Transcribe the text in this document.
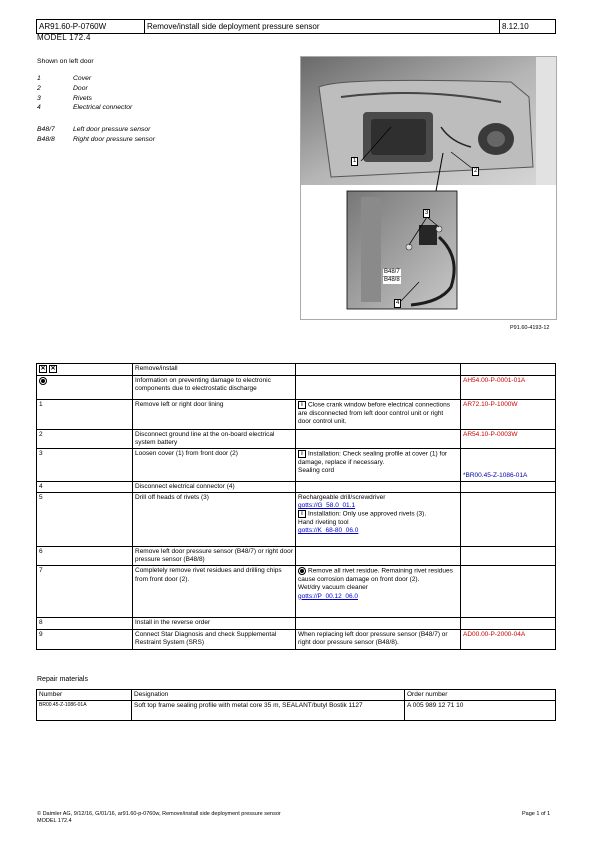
AR91.60-P-0760W	Remove/install side deployment pressure sensor	8.12.10
MODEL 172.4
Shown on left door
1	Cover
2	Door
3	Rivets
4	Electrical connector
B48/7	Left door pressure sensor
B48/8	Right door pressure sensor
1
2
3
4
B48/7
B48/8
P91.60-4193-12
✕ ✕	Remove/install		
	Information on preventing damage to electronic components due to electrostatic discharge		AH54.00-P-0001-01A
1	Remove left or right door lining	i Close crank window before electrical connections are disconnected from left door control unit or right door control unit.	AR72.10-P-1000W
2	Disconnect ground line at the on-board electrical system battery		AR54.10-P-0003W
3	Loosen cover (1) from front door (2)	i Installation: Check sealing profile at cover (1) for damage, replace if necessary.
Sealing cord	*BR00.45-Z-1086-01A
4	Disconnect electrical connector (4)		
5	Drill off heads of rivets (3)	Rechargeable drill/screwdriver
gotts://G_58.0_01.1
i Installation: Only use approved rivets (3).
Hand riveting tool
gotts://K_68-80_06.0	
6	Remove left door pressure sensor (B48/7) or right door pressure sensor (B48/8)		
7	Completely remove rivet residues and drilling chips from front door (2).	Remove all rivet residue. Remaining rivet residues cause corrosion damage on front door (2).
Wet/dry vacuum cleaner
gotts://P_00.12_06.0	
8	Install in the reverse order		
9	Connect Star Diagnosis and check Supplemental Restraint System (SRS)	When replacing left door pressure sensor (B48/7) or right door pressure sensor (B48/8).	AD00.00-P-2000-04A
Repair materials
Number	Designation	Order number
BR00.45-Z-1086-01A	Soft top frame sealing profile with metal core 35 m, SEALANT/butyl Bostik 1127	A 005 989 12 71 10
© Daimler AG, 9/12/16, G/01/16, ar91.60-p-0760w, Remove/install side deployment pressure sensor
MODEL 172.4
Page 1 of 1
